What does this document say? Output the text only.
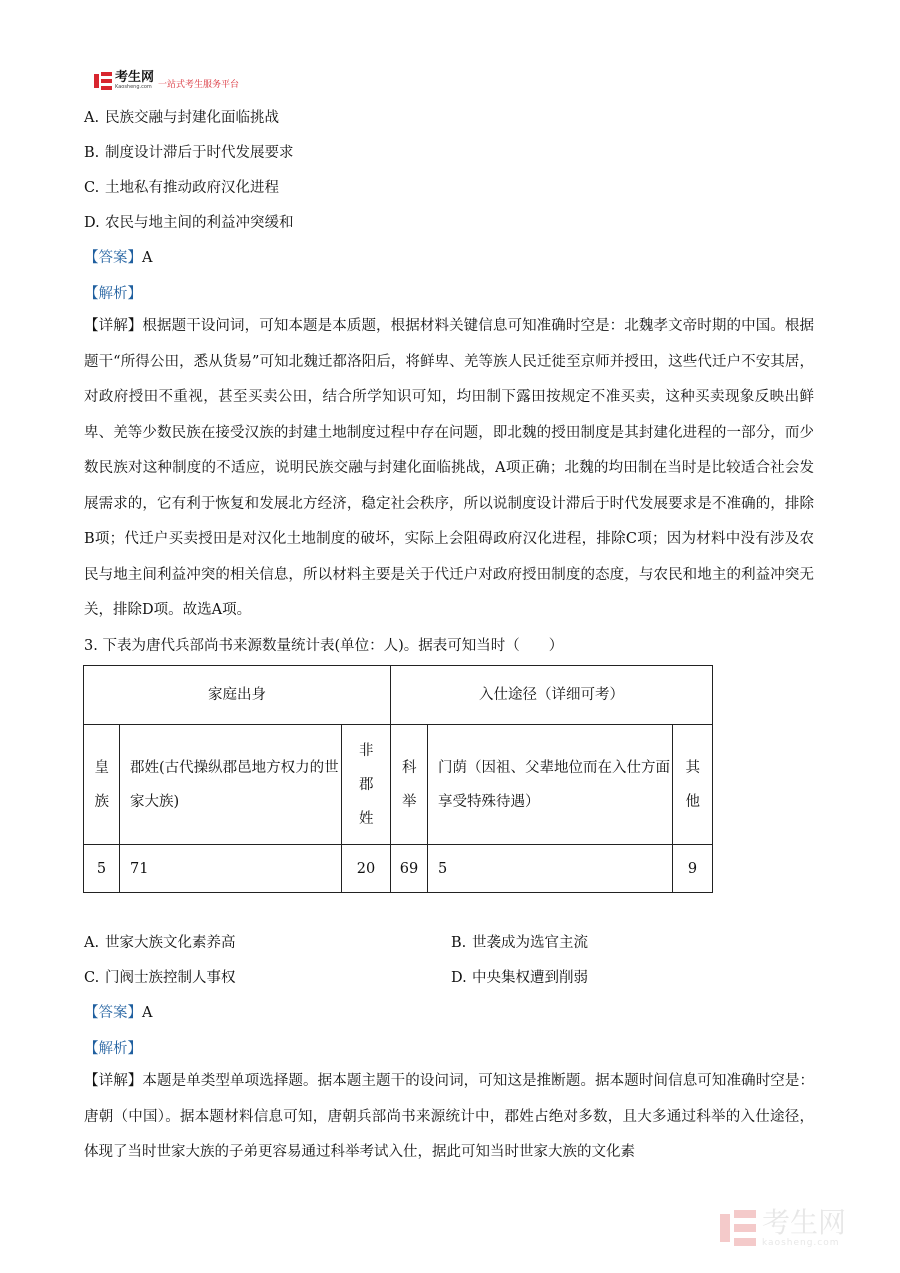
考生网
Kaosheng.com 一站式考生服务平台
A. 民族交融与封建化面临挑战
B. 制度设计滞后于时代发展要求
C. 土地私有推动政府汉化进程
D. 农民与地主间的利益冲突缓和
【答案】A
【解析】
【详解】根据题干设问词，可知本题是本质题，根据材料关键信息可知准确时空是：北魏孝文帝时期的中国。根据题干“所得公田，悉从货易”可知北魏迁都洛阳后，将鲜卑、羌等族人民迁徙至京师并授田，这些代迁户不安其居，对政府授田不重视，甚至买卖公田，结合所学知识可知，均田制下露田按规定不准买卖，这种买卖现象反映出鲜卑、羌等少数民族在接受汉族的封建土地制度过程中存在问题，即北魏的授田制度是其封建化进程的一部分，而少数民族对这种制度的不适应，说明民族交融与封建化面临挑战，A项正确；北魏的均田制在当时是比较适合社会发展需求的，它有利于恢复和发展北方经济，稳定社会秩序，所以说制度设计滞后于时代发展要求是不准确的，排除B项；代迁户买卖授田是对汉化土地制度的破坏，实际上会阻碍政府汉化进程，排除C项；因为材料中没有涉及农民与地主间利益冲突的相关信息，所以材料主要是关于代迁户对政府授田制度的态度，与农民和地主的利益冲突无关，排除D项。故选A项。
3. 下表为唐代兵部尚书来源数量统计表(单位：人)。据表可知当时（　　）
家庭出身			入仕途径（详细可考）		

皇族	郡姓(古代操纵郡邑地方权力的世家大族)	非郡姓	科举	门荫（因祖、父辈地位而在入仕方面享受特殊待遇）	其他

5	71	20	69	5	9
A. 世家大族文化素养高	B. 世袭成为选官主流
C. 门阀士族控制人事权	D. 中央集权遭到削弱
【答案】A
【解析】
【详解】本题是单类型单项选择题。据本题主题干的设问词，可知这是推断题。据本题时间信息可知准确时空是：唐朝（中国）。据本题材料信息可知，唐朝兵部尚书来源统计中，郡姓占绝对多数，且大多通过科举的入仕途径，体现了当时世家大族的子弟更容易通过科举考试入仕，据此可知当时世家大族的文化素
考生网
kaosheng.com
